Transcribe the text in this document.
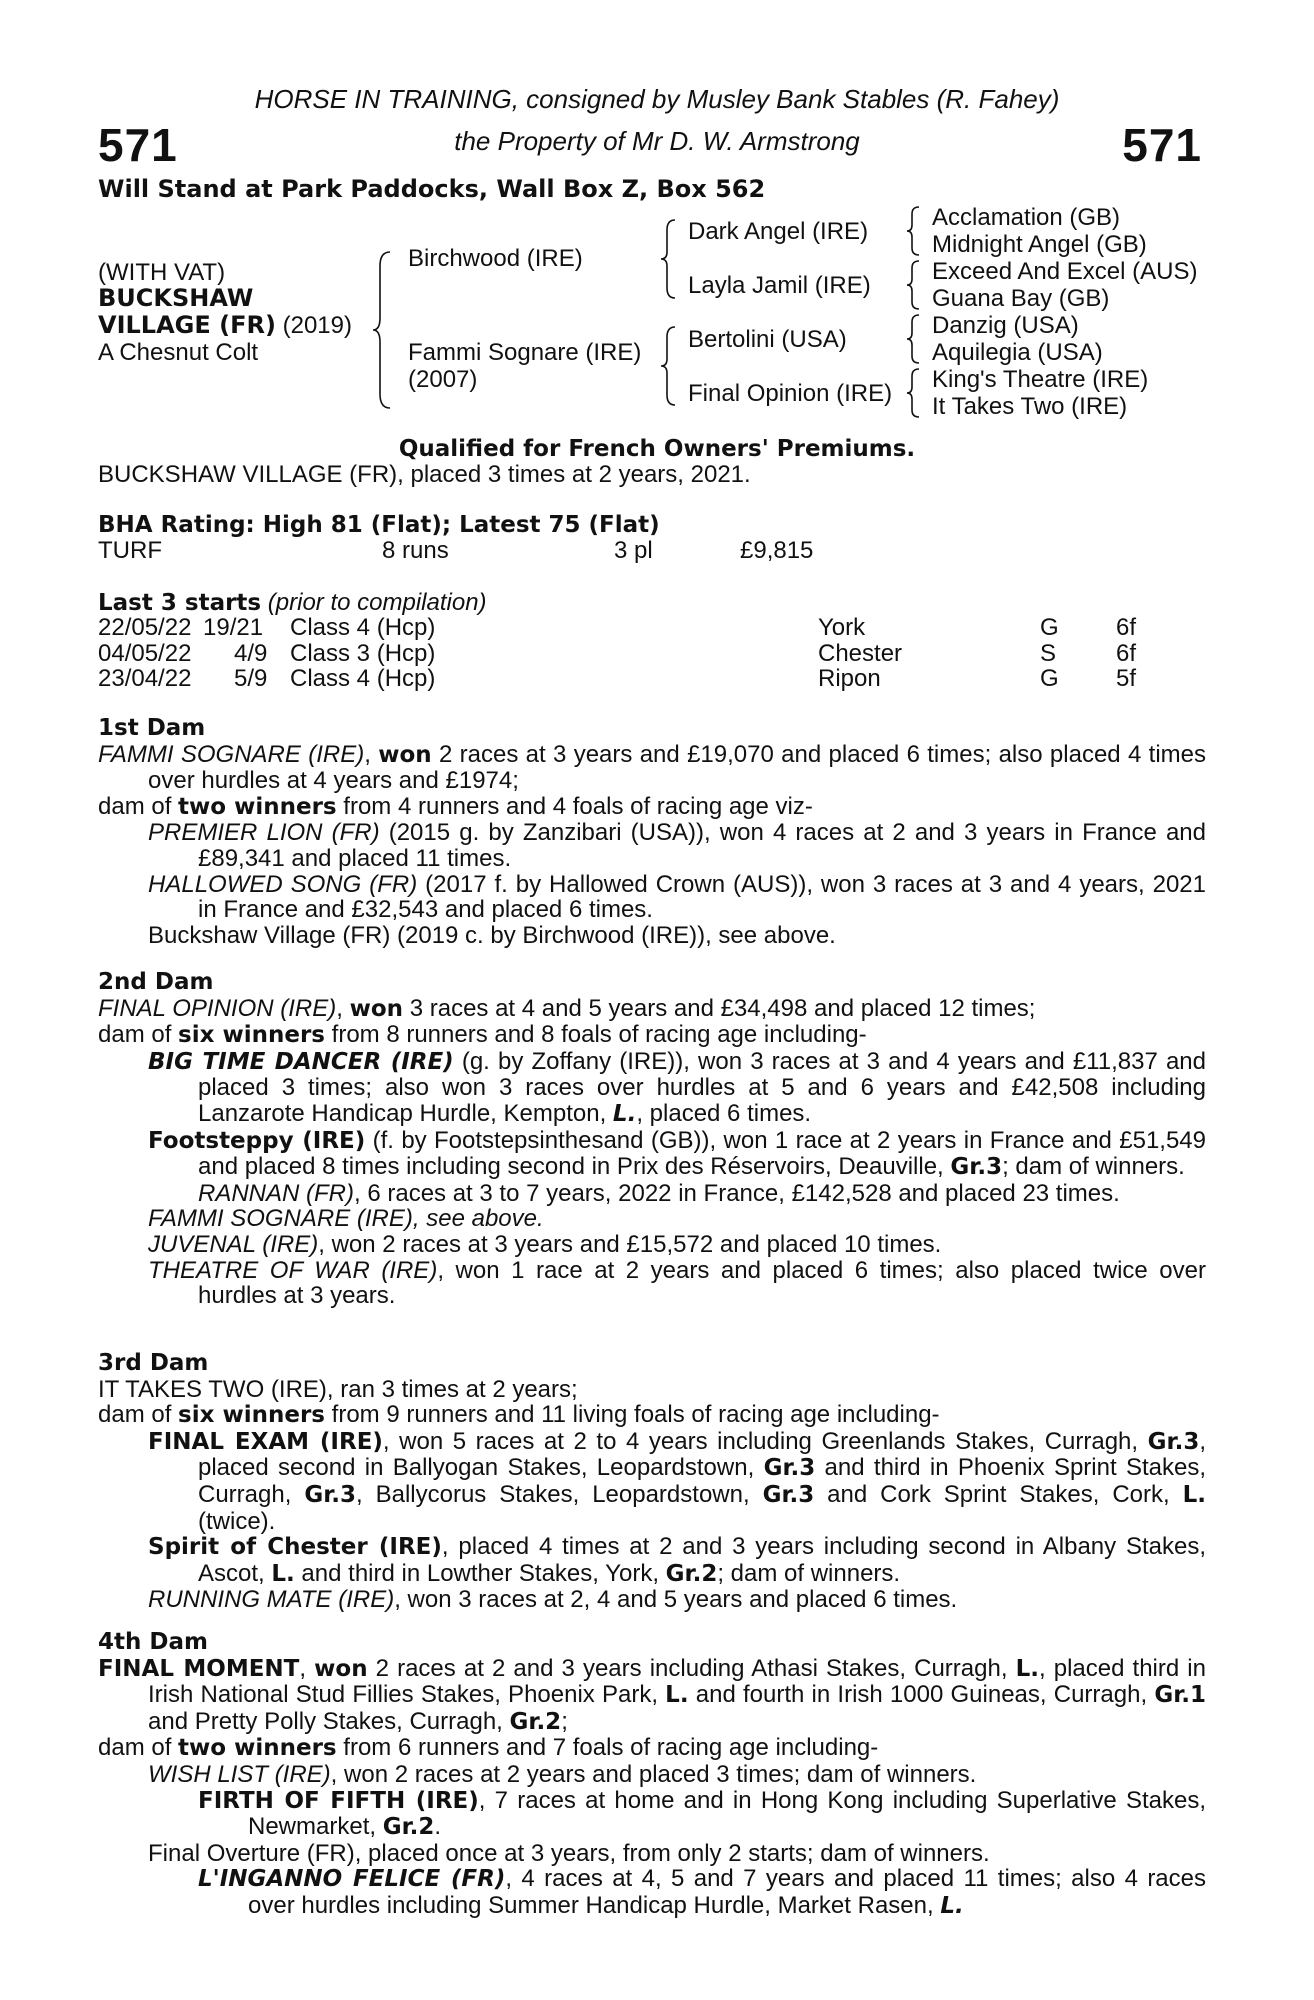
HORSE IN TRAINING, consigned by Musley Bank Stables (R. Fahey)
571	the Property of Mr D. W. Armstrong	571
Will Stand at Park Paddocks, Wall Box Z, Box 562
(WITH VAT)
BUCKSHAW
VILLAGE (FR) (2019)
A Chesnut Colt
Birchwood (IRE)
Fammi Sognare (IRE)
(2007)
Dark Angel (IRE)
Layla Jamil (IRE)
Bertolini (USA)
Final Opinion (IRE)
Acclamation (GB)
Midnight Angel (GB)
Exceed And Excel (AUS)
Guana Bay (GB)
Danzig (USA)
Aquilegia (USA)
King's Theatre (IRE)
It Takes Two (IRE)
Qualified for French Owners' Premiums.
BUCKSHAW VILLAGE (FR), placed 3 times at 2 years, 2021.
BHA Rating: High 81 (Flat); Latest 75 (Flat)
TURF	8 runs	3 pl	£9,815
Last 3 starts (prior to compilation)
22/05/22 19/21 Class 4 (Hcp)	York	G 6f
04/05/22 4/9 Class 3 (Hcp)	Chester	S 6f
23/04/22 5/9 Class 4 (Hcp)	Ripon	G 5f

1st Dam

FAMMI SOGNARE (IRE), won 2 races at 3 years and £19,070 and placed 6 times; also placed 4 times over hurdles at 4 years and £1974;

dam of two winners from 4 runners and 4 foals of racing age viz-

PREMIER LION (FR) (2015 g. by Zanzibari (USA)), won 4 races at 2 and 3 years in France and £89,341 and placed 11 times.

HALLOWED SONG (FR) (2017 f. by Hallowed Crown (AUS)), won 3 races at 3 and 4 years, 2021 in France and £32,543 and placed 6 times.

Buckshaw Village (FR) (2019 c. by Birchwood (IRE)), see above.

2nd Dam

FINAL OPINION (IRE), won 3 races at 4 and 5 years and £34,498 and placed 12 times;

dam of six winners from 8 runners and 8 foals of racing age including-

BIG TIME DANCER (IRE) (g. by Zoffany (IRE)), won 3 races at 3 and 4 years and £11,837 and placed 3 times; also won 3 races over hurdles at 5 and 6 years and £42,508 including Lanzarote Handicap Hurdle, Kempton, L., placed 6 times.

Footsteppy (IRE) (f. by Footstepsinthesand (GB)), won 1 race at 2 years in France and £51,549 and placed 8 times including second in Prix des Réservoirs, Deauville, Gr.3; dam of winners.

RANNAN (FR), 6 races at 3 to 7 years, 2022 in France, £142,528 and placed 23 times.

FAMMI SOGNARE (IRE), see above.

JUVENAL (IRE), won 2 races at 3 years and £15,572 and placed 10 times.

THEATRE OF WAR (IRE), won 1 race at 2 years and placed 6 times; also placed twice over hurdles at 3 years.

3rd Dam

IT TAKES TWO (IRE), ran 3 times at 2 years;

dam of six winners from 9 runners and 11 living foals of racing age including-

FINAL EXAM (IRE), won 5 races at 2 to 4 years including Greenlands Stakes, Curragh, Gr.3, placed second in Ballyogan Stakes, Leopardstown, Gr.3 and third in Phoenix Sprint Stakes, Curragh, Gr.3, Ballycorus Stakes, Leopardstown, Gr.3 and Cork Sprint Stakes, Cork, L. (twice).

Spirit of Chester (IRE), placed 4 times at 2 and 3 years including second in Albany Stakes, Ascot, L. and third in Lowther Stakes, York, Gr.2; dam of winners.

RUNNING MATE (IRE), won 3 races at 2, 4 and 5 years and placed 6 times.

4th Dam

FINAL MOMENT, won 2 races at 2 and 3 years including Athasi Stakes, Curragh, L., placed third in Irish National Stud Fillies Stakes, Phoenix Park, L. and fourth in Irish 1000 Guineas, Curragh, Gr.1 and Pretty Polly Stakes, Curragh, Gr.2;

dam of two winners from 6 runners and 7 foals of racing age including-

WISH LIST (IRE), won 2 races at 2 years and placed 3 times; dam of winners.

FIRTH OF FIFTH (IRE), 7 races at home and in Hong Kong including Superlative Stakes, Newmarket, Gr.2.

Final Overture (FR), placed once at 3 years, from only 2 starts; dam of winners.

L'INGANNO FELICE (FR), 4 races at 4, 5 and 7 years and placed 11 times; also 4 races over hurdles including Summer Handicap Hurdle, Market Rasen, L.
